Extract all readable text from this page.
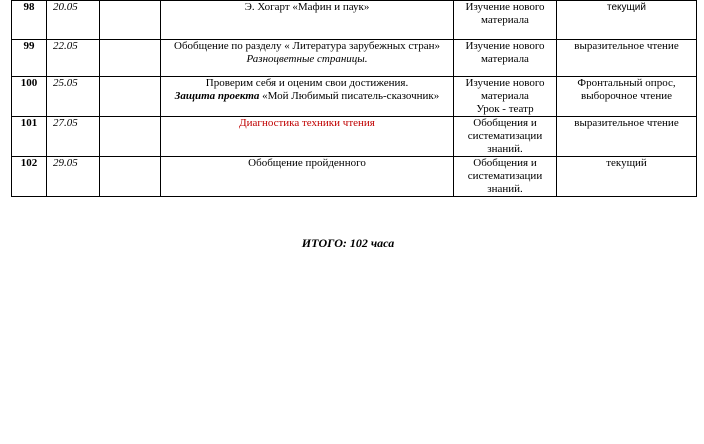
98	20.05		Э. Хогарт «Мафин и паук»	Изучение нового
материала	текущий
99	22.05		Обобщение по разделу « Литература зарубежных стран»
Разноцветные страницы.	Изучение нового
материала	выразительное чтение
100	25.05		Проверим себя и оценим свои достижения.
Защита проекта «Мой Любимый писатель-сказочник»	Изучение нового
материала
Урок - театр	Фронтальный опрос,
выборочное чтение
101	27.05		Диагностика техники чтения	Обобщения и
систематизации
знаний.	выразительное чтение
102	29.05		Обобщение пройденного	Обобщения и
систематизации
знаний.	текущий
ИТОГО: 102 часа
